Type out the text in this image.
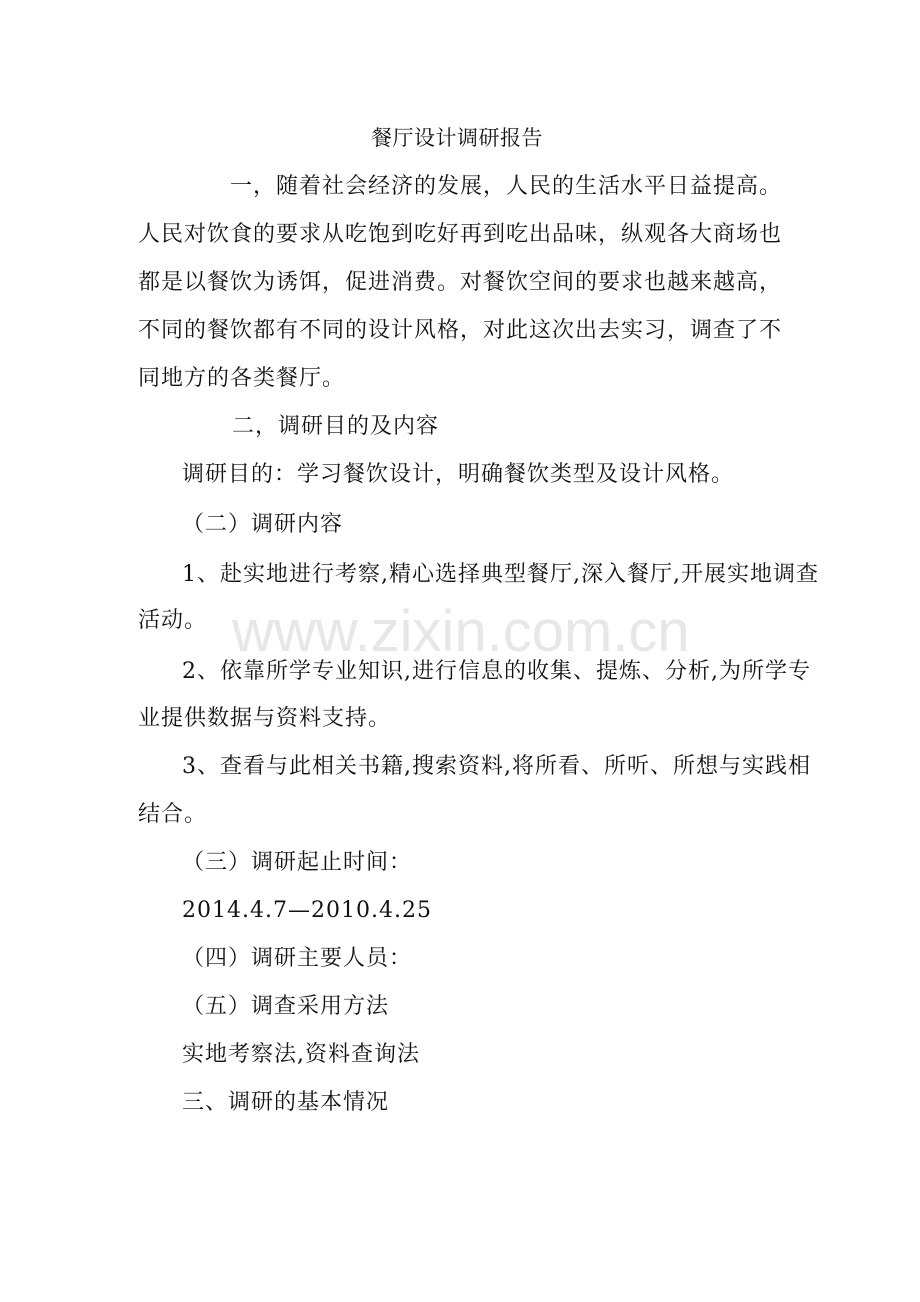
餐厅设计调研报告
一，随着社会经济的发展，人民的生活水平日益提高。
人民对饮食的要求从吃饱到吃好再到吃出品味，纵观各大商场也
都是以餐饮为诱饵，促进消费。对餐饮空间的要求也越来越高，
不同的餐饮都有不同的设计风格，对此这次出去实习，调查了不
同地方的各类餐厅。
二，调研目的及内容
调研目的：学习餐饮设计，明确餐饮类型及设计风格。
（二）调研内容
1、赴实地进行考察,精心选择典型餐厅,深入餐厅,开展实地调查
活动。
2、依靠所学专业知识,进行信息的收集、提炼、分析,为所学专
业提供数据与资料支持。
3、查看与此相关书籍,搜索资料,将所看、所听、所想与实践相
结合。
（三）调研起止时间：
2014.4.7—2010.4.25
（四）调研主要人员：
（五）调查采用方法
实地考察法,资料查询法
三、调研的基本情况
www.zixin.com.cn
